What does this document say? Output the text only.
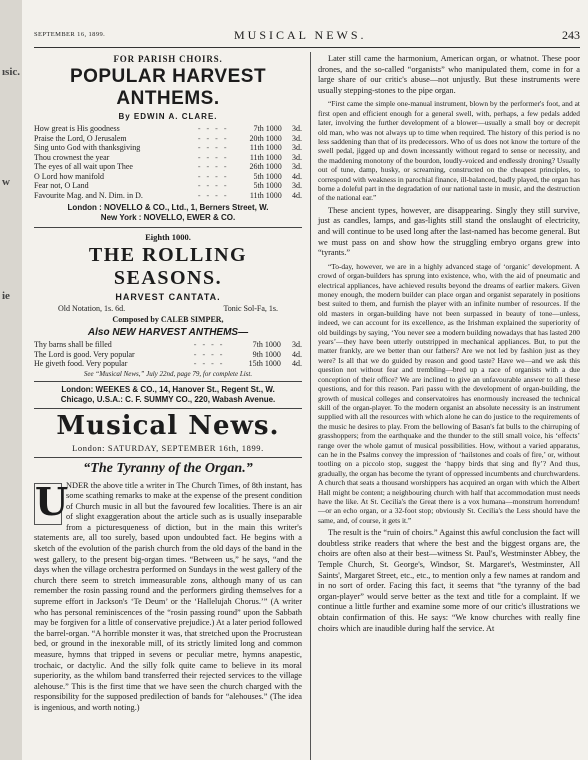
ısic.
w
ie
SEPTEMBER 16, 1899.	MUSICAL NEWS.	243
FOR PARISH CHOIRS.
POPULAR HARVEST ANTHEMS.
By EDWIN A. CLARE.
How great is His goodness	- - - -	7th 1000	3d.
Praise the Lord, O Jerusalem	- - - -	20th 1000	3d.
Sing unto God with thanksgiving	- - - -	11th 1000	3d.
Thou crownest the year	- - - -	11th 1000	3d.
The eyes of all wait upon Thee	- - - -	26th 1000	3d.
O Lord how manifold	- - - -	5th 1000	4d.
Fear not, O Land	- - - -	5th 1000	3d.
Favourite Mag. and N. Dim. in D.	- - - -	11th 1000	4d.
London : NOVELLO & CO., Ltd., 1, Berners Street, W.
New York : NOVELLO, EWER & CO.
Eighth 1000.
THE ROLLING SEASONS.
HARVEST CANTATA.
Old Notation, 1s. 6d.	Tonic Sol-Fa, 1s.
Composed by CALEB SIMPER,
Also NEW HARVEST ANTHEMS—
Thy barns shall be filled	- - - -	7th 1000	3d.
The Lord is good. Very popular	- - - -	9th 1000	4d.
He giveth food. Very popular	- - - -	15th 1000	4d.
See “Musical News,” July 22nd, page 79, for complete List.
London: WEEKES & CO., 14, Hanover St., Regent St., W.
Chicago, U.S.A.: C. F. SUMMY CO., 220, Wabash Avenue.
Musical News.
London: SATURDAY, SEPTEMBER 16th, 1899.
“The Tyranny of the Organ.”
U
NDER the above title a writer in The Church Times, of 8th instant, has some scathing remarks to make at the expense of the present condition of Church music in all but the favoured few localities. There is an air of slight exaggeration about the article such as is usually inseparable from a picturesqueness of diction, but in the main this writer's statements are, all too surely, based upon undoubted fact. He begins with a sketch of the evolution of the parish church from the old days of the band in the west gallery, to the present big-organ times. “Between us,” he says, “and the days when the village orchestra performed on Sundays in the west gallery of the church there seem to stretch immeasurable zons, although many of us can remember the rosin passing round and the performers girding themselves for a supreme effort in Jackson's ‘Te Deum’ or the ‘Hallelujah Chorus.’” (A writer who has personal reminiscences of the “rosin passing round” upon the Sabbath may be forgiven for a little of conservative prejudice.) At a later period followed the barrel-organ. “A horrible monster it was, that stretched upon the Procrustean bed, or ground in the inexorable mill, of its strictly limited long and common measure, hymns that tripped in sevens or peculiar metre, hymns anapestic, trochaic, or dactylic. And the silly folk quite came to believe in its moral superiority, as the whilom band transferred their rejected services to the village alehouse.” This is the first time that we have seen the church charged with the responsibility for the supposed predilection of bands for “alehouses.” (The idea is ingenious, and worth noting.)

Later still came the harmonium, American organ, or whatnot. These poor drones, and the so-called “organists” who manipulated them, come in for a large share of our critic's abuse—not unjustly. But these instruments were usually stepping-stones to the pipe organ.

“First came the simple one-manual instrument, blown by the performer's foot, and at first open and efficient enough for a general swell, with, perhaps, a few pedals added later, involving the further development of a blower—usually a small boy or decrepit old man, who was not always up to time when required. The history of this period is no less saddening than that of its predecessors. Who of us does not know the torture of the swell pedal, jigged up and down incessantly without regard to sense or necessity, and the maddening monotony of the bourdon, loudly-voiced and endlessly droning? Usually out of tune, damp, husky, or screaming, constructed on the cheapest principles, to correspond with weakness in parochial finance, ill-balanced, badly played, the organ has borne a doleful part in the degradation of our national taste in music, and the destruction of the national ear.”

These ancient types, however, are disappearing. Singly they still survive, just as candles, lamps, and gas-lights still stand the onslaught of electricity, and will continue to be used long after the last-named has become general. But we must pass on and show how the struggling embryo organs grew into “tyrants.”

“To-day, however, we are in a highly advanced stage of ‘organic’ development. A crowd of organ-builders has sprung into existence, who, with the aid of pneumatic and electrical appliances, have achieved results beyond the dreams of earlier makers. Given money enough, the modern builder can place organ and organist separately in positions best suited to them, and furnish the player with an infinite number of resources. If the old masters in organ-building have not been surpassed in beauty of tone—unless, indeed, we can account for its excellence, as the Irishman explained the superiority of old buildings by saying, ‘You never see a modern building nowadays that has lasted 200 years’—they have been utterly outstripped in mechanical appliances. But, to put the matter frankly, are we better than our fathers? Are we not led by fashion just as they were? Is all that we do guided by reason and good taste? Have we—and we ask this question not without fear and trembling—bred up a race of organists with a due conception of their office? We are inclined to give an unfavourable answer to all these questions, and for this reason. Pari passu with the development of organ-building, the growth of musical colleges and conservatoires has enormously increased the technical skill of the organ-player. To the modern organist an absolute necessity is an instrument supplied with all the resources with which alone he can do justice to the requirements of the music he desires to play. From the bellowing of Basan's fat bulls to the chirruping of grasshoppers; from the earthquake and the thunder to the still small voice, his ‘effects’ range over the whole gamut of musical possibilities. How, without a varied apparatus, can he in the Psalms convey the impression of ‘hailstones and coals of fire,’ or, without tootling on a piccolo stop, suggest the ‘happy birds that sing and fly’? And thus, gradually, the organ has become the tyrant of oppressed incumbents and churchwardens. A church that seats a thousand worshippers has acquired an organ with which the Albert Hall might be content; a neighbouring church with half that accommodation must needs have the like. At St. Cecilia's the Great there is a vox humana—monstrum horrendum!—or an echo organ, or a 32-foot stop; obviously St. Cecilia's the Less should have the same, and, of course, it gets it.”

The result is the “ruin of choirs.” Against this awful conclusion the fact will doubtless strike readers that where the best and the biggest organs are, the choirs are often also at their best—witness St. Paul's, Westminster Abbey, the Temple Church, St. George's, Windsor, St. Margaret's, Westminster, All Saints', Margaret Street, etc., etc., to mention only a few names at random and in no sort of order. Facing this fact, it seems that “the tyranny of the bad organ-player” would serve better as the text and title for a complaint. If we continue a little further and examine some more of our critic's illustrations we obtain confirmation of this. He says: “We know churches with really fine choirs which are inaudible during half the service. At
